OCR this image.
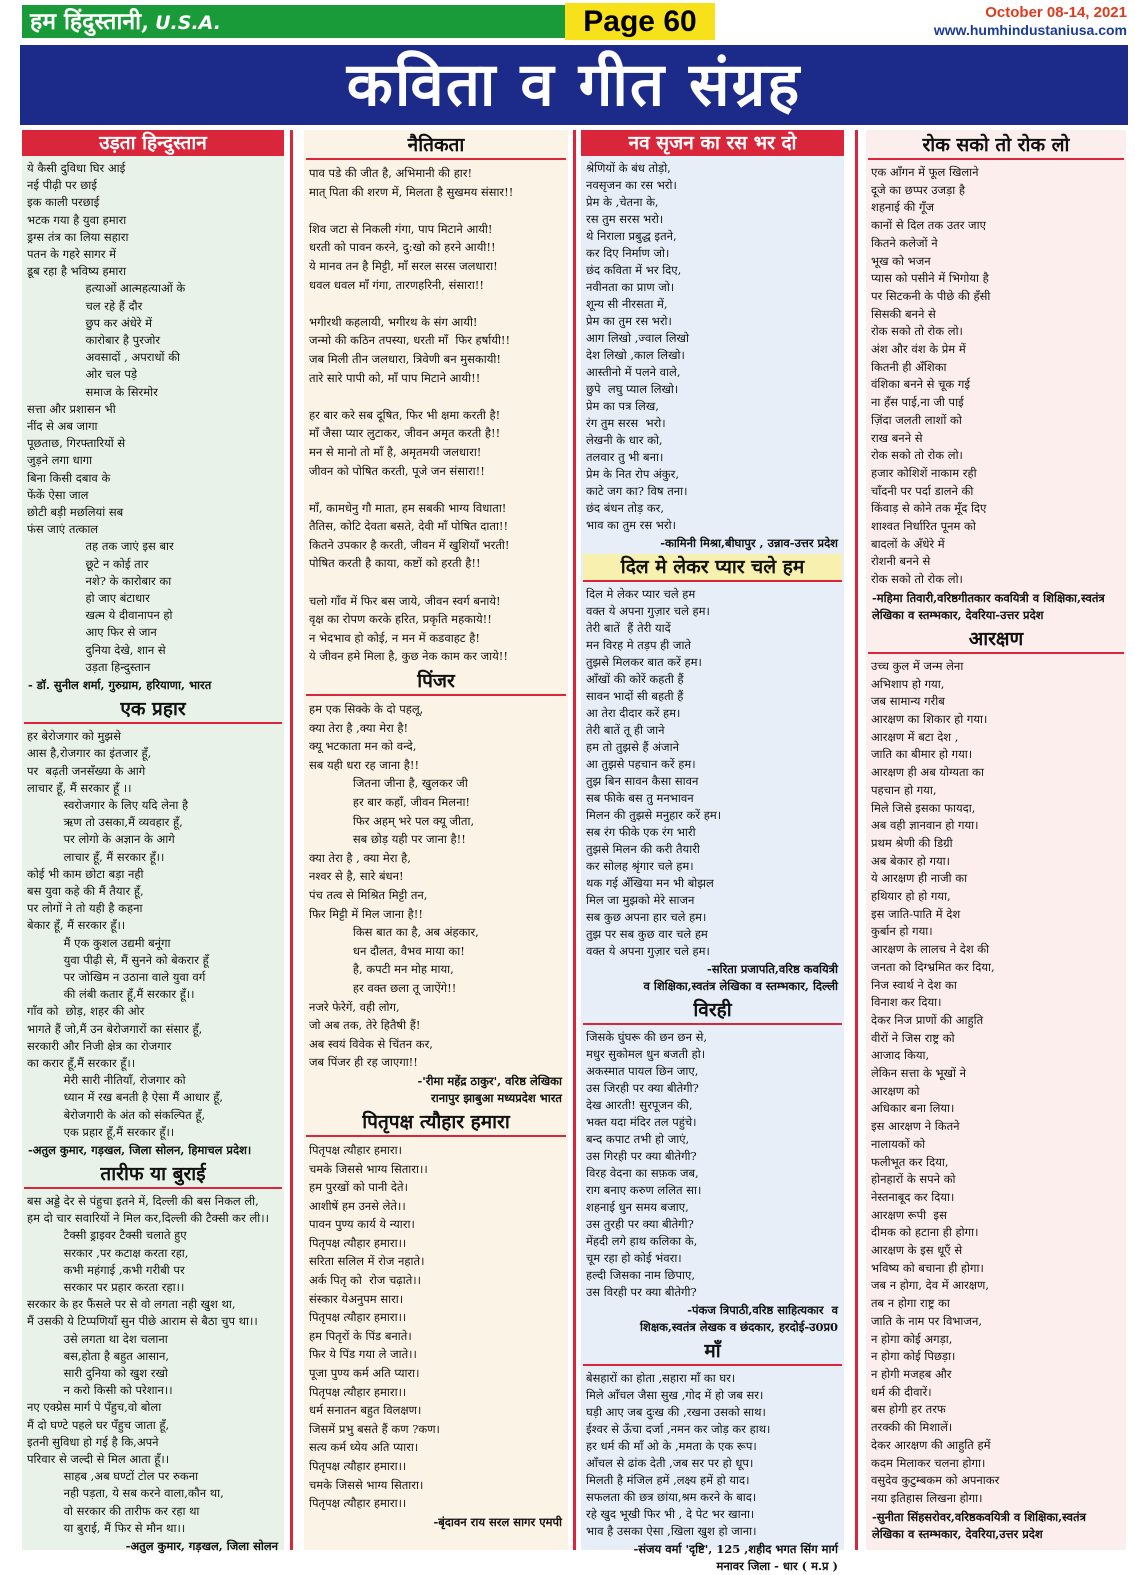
हम हिंदुस्तानी, U.S.A.	Page 60	October 08-14, 2021
www.humhindustaniusa.com
कविता व गीत संग्रह
उड़ता हिन्दुस्तान
ये कैसी दुविधा घिर आई
नई पीढ़ी पर छाई
इक काली परछाई
भटक गया है युवा हमारा
ड्रग्स तंत्र का लिया सहारा
पतन के गहरे सागर में
डूब रहा है भविष्य हमारा
हत्याओं आत्महत्याओं के
चल रहे हैं दौर
छुप कर अंधेरे में
कारोबार है पुरजोर
अवसादों , अपराधों की
ओर चल पड़े
समाज के सिरमोर
सत्ता और प्रशासन भी
नींद से अब जागा
पूछताछ, गिरफ्तारियों से
जुड़ने लगा धागा
बिना किसी दबाव के
फेंकें ऐसा जाल
छोटी बड़ी मछलियां सब
फंस जाएं तत्काल
तह तक जाएं इस बार
छूटे न कोई तार
नशे? के कारोबार का
हो जाए बंटाधार
खत्म ये दीवानापन हो
आए फिर से जान
दुनिया देखे, शान से
उड़ता हिन्दुस्तान
- डॉ. सुनील शर्मा, गुरुग्राम, हरियाणा, भारत
एक प्रहार
हर बेरोजगार को मुझसे
आस है,रोजगार का इंतजार हूँ,
पर  बढ़ती जनसँख्या के आगे
लाचार हूँ, मैं सरकार हूँ ।।
स्वरोजगार के लिए यदि लेना है
ऋण तो उसका,मैं व्यवहार हूँ,
पर लोगो के अज्ञान के आगे
लाचार हूँ, मैं सरकार हूँ।।
कोई भी काम छोटा बड़ा नही
बस युवा कहे की मैं तैयार हूँ,
पर लोगों ने तो यही है कहना
बेकार हूँ, मैं सरकार हूँ।।
मैं एक कुशल उद्यमी बनूंगा
युवा पीढ़ी से, मैं सुनने को बेकरार हूँ
पर जोखिम न उठाना वाले युवा वर्ग
की लंबी कतार हूँ,मैं सरकार हूँ।।
गाँव को  छोड़, शहर की ओर
भागते हैं जो,मैं उन बेरोजगारों का संसार हूँ,
सरकारी और निजी क्षेत्र का रोजगार
का करार हूँ,मैं सरकार हूँ।।
मेरी सारी नीतियाँ, रोजगार को
ध्यान में रख बनती है ऐसा मैं आधार हूँ,
बेरोजगारी के अंत को संकल्पित हूँ,
एक प्रहार हूँ,मैं सरकार हूँ।।
-अतुल कुमार, गड़खल, जिला सोलन, हिमाचल प्रदेश।
तारीफ या बुराई
बस अड्डे देर से पंहुचा इतने में, दिल्ली की बस निकल ली,
हम दो चार सवारियों ने मिल कर,दिल्ली की टैक्सी कर ली।।
टैक्सी ड्राइवर टैक्सी चलाते हुए
सरकार ,पर कटाक्ष करता रहा,
कभी महंगाई ,कभी गरीबी पर
सरकार पर प्रहार करता रहा।।
सरकार के हर फैंसले पर से वो लगता नही खुश था,
मैं उसकी ये टिप्पणियाँ सुन पीछे आराम से बैठा चुप था।।
उसे लगता था देश चलाना
बस,होता है बहुत आसान,
सारी दुनिया को खुश रखो
न करो किसी को परेशान।।
नए एक्प्रेस मार्ग पे पँहुच,वो बोला
मैं दो घण्टे पहले घर पँहुच जाता हूँ,
इतनी सुविधा हो गई है कि,अपने
परिवार से जल्दी से मिल आता हूँ।।
साहब ,अब घण्टों टोल पर रुकना
नही पड़ता, ये सब करने वाला,कौन था,
वो सरकार की तारीफ कर रहा था
या बुराई, मैं फिर से मौन था।।
-अतुल कुमार, गड़खल, जिला सोलन
नैतिकता
पाव पडे की जीत है, अभिमानी की हार!
मात् पिता की शरण में, मिलता है सुखमय संसार!!

शिव जटा से निकली गंगा, पाप मिटाने आयी!
धरती को पावन करने, दु:खो को हरने आयी!!
ये मानव तन है मिट्टी, माँ सरल सरस जलधारा!
धवल धवल माँ गंगा, तारणहरिनी, संसारा!!

भगीरथी कहलायी, भगीरथ के संग आयी!
जन्मो की कठिन तपस्या, धरती माँ  फिर हर्षायी!!
जब मिली तीन जलधारा, त्रिवेणी बन मुसकायी!
तारे सारे पापी को, माँ पाप मिटाने आयी!!

हर बार करे सब दूषित, फिर भी क्षमा करती है!
माँ जैसा प्यार लुटाकर, जीवन अमृत करती है!!
मन से मानो तो माँ है, अमृतमयी जलधारा!
जीवन को पोषित करती, पूजे जन संसारा!!

माँ, कामधेनु गौ माता, हम सबकी भाग्य विधाता!
तैतिस, कोटि देवता बसते, देवी माँ पोषित दाता!!
कितने उपकार है करती, जीवन में खुशियाँ भरती!
पोषित करती है काया, कष्टों को हरती है!!

चलो गाँव में फिर बस जाये, जीवन स्वर्ग बनाये!
वृक्ष का रोपण करके हरित, प्रकृति महकाये!!
न भेदभाव हो कोई, न मन में कडवाहट है!
ये जीवन हमे मिला है, कुछ नेक काम कर जाये!!
पिंजर
हम एक सिक्के के दो पहलू,
क्या तेरा है ,क्या मेरा है!
क्यू भटकाता मन को वन्दे,
सब यही धरा रह जाना है!!
जितना जीना है, खुलकर जी
हर बार कहाँ, जीवन मिलना!
फिर अहम् भरे पल क्यू जीता,
सब छोड़ यही पर जाना है!!
क्या तेरा है , क्या मेरा है,
नश्वर से है, सारे बंधन!
पंच तत्व से मिश्रित मिट्टी तन,
फिर मिट्टी में मिल जाना है!!
किस बात का है, अब अंहकार,
धन दौलत, वैभव माया का!
है, कपटी मन मोह माया,
हर वक्त छला तू जाऐंगे!!
नजरे फेरेगें, वही लोग,
जो अब तक, तेरे हितैषी हैं!
अब स्वयं विवेक से चिंतन कर,
जब पिंजर ही रह जाएगा!!
-'रीमा महेंद्र ठाकुर', वरिष्ठ लेखिका
रानापुर झाबुआ मध्यप्रदेश भारत
पितृपक्ष त्यौहार हमारा
पितृपक्ष त्यौहार हमारा।
चमके जिससे भाग्य सितारा।।
हम पुरखों को पानी देते।
आशीषें हम उनसे लेते।।
पावन पुण्य कार्य ये न्यारा।
पितृपक्ष त्यौहार हमारा।।
सरिता सलिल में रोज नहाते।
अर्क पितृ को  रोज चढ़ाते।।
संस्कार येअनुपम सारा।
पितृपक्ष त्यौहार हमारा।।
हम पितृरों के पिंड बनाते।
फिर ये पिंड गया ले जाते।।
पूजा पुण्य कर्म अति प्यारा।
पितृपक्ष त्यौहार हमारा।।
धर्म सनातन बहुत विलक्षण।
जिसमें प्रभु बसते हैं कण ?कण।
सत्य कर्म ध्येय अति प्यारा।
पितृपक्ष त्यौहार हमारा।।
चमके जिससे भाग्य सितारा।
पितृपक्ष त्यौहार हमारा।।
-बृंदावन राय सरल सागर एमपी
नव सृजन का रस भर दो
श्रेणियों के बंध तोड़ो,
नवसृजन का रस भरो।
प्रेम के ,चेतना के,
रस तुम सरस भरो।
थे निराला प्रबुद्ध इतने,
कर दिए निर्माण जो।
छंद कविता में भर दिए,
नवीनता का प्राण जो।
शून्य सी नीरसता में,
प्रेम का तुम रस भरो।
आग लिखो ,ज्वाल लिखो
देश लिखो ,काल लिखो।
आस्तीनो में पलने वाले,
छुपे  लघु प्याल लिखो।
प्रेम का पत्र लिख,
रंग तुम सरस  भरो।
लेखनी के धार को,
तलवार तु भी बना।
प्रेम के नित रोप अंकुर,
काटे जग का? विष तना।
छंद बंधन तोड़ कर,
भाव का तुम रस भरो।
-कामिनी मिश्रा,बीघापुर , उन्नाव-उत्तर प्रदेश
दिल मे लेकर प्यार चले हम
दिल मे लेकर प्यार चले हम
वक्त ये अपना गुज़ार चले हम।
तेरी बातें  हैं तेरी यादें
मन विरह मे तड़प ही जाते
तुझसे मिलकर बात करें हम।
आँखों की कोरें कहती हैं
सावन भादों सी बहती हैं
आ तेरा दीदार करें हम।
तेरी बातें तू ही जाने
हम तो तुझसे हैं अंजाने
आ तुझसे पहचान करें हम।
तुझ बिन सावन कैसा सावन
सब फीके बस तु मनभावन
मिलन की तुझसे मनुहार करें हम।
सब रंग फीके एक रंग भारी
तुझसे मिलन की करी तैयारी
कर सोलह श्रृंगार चले हम।
थक गई अँखिया मन भी बोझल
मिल जा मुझको मेरे साजन
सब कुछ अपना हार चले हम।
तुझ पर सब कुछ वार चले हम
वक्त ये अपना गुज़ार चले हम।
-सरिता प्रजापति,वरिष्ठ कवयित्री
व शिक्षिका,स्वतंत्र लेखिका व स्तम्भकार, दिल्ली
विरही
जिसके घुंघरू की छन छन से,
मधुर सुकोमल धुन बजती हो।
अकस्मात पायल छिन जाए,
उस जिरही पर क्या बीतेगी?
देख आरती! सुरपूजन की,
भक्त यदा मंदिर तल पहुंचे।
बन्द कपाट तभी हो जाएं,
उस गिरही पर क्या बीतेगी?
विरह वेदना का सफ़क जब,
राग बनाए करुण ललित सा।
शहनाई धुन समय बजाए,
उस तुरही पर क्या बीतेगी?
मेंहदी लगे हाथ कलिका के,
चूम रहा हो कोई भंवरा।
हल्दी जिसका नाम छिपाए,
उस विरही पर क्या बीतेगी?
-पंकज त्रिपाठी,वरिष्ठ साहित्यकार  व
शिक्षक,स्वतंत्र लेखक व छंदकार, हरदोई-उ0प्र0
माँ
बेसहारों का होता ,सहारा माँ का घर।
मिले आँचल जैसा सुख ,गोद में हो जब सर।
घड़ी आए जब दुःख की ,रखना उसको साथ।
ईश्वर से ऊँचा दर्जा ,नमन कर जोड़ कर हाथ।
हर धर्म की माँ ओ के ,ममता के एक रूप।
आँचल से ढांक देती ,जब सर पर हो धूप।
मिलती है मंजिल हमें ,लक्ष्य हमें हो याद।
सफलता की छत्र छांया,श्रम करने के बाद।
रहे खुद भूखी फिर भी , दे पेट भर खाना।
भाव है उसका ऐसा ,खिला खुश हो जाना।
-संजय वर्मा 'दृष्टि', 125 ,शहीद भगत सिंग मार्ग
मनावर जिला - धार ( म.प्र )
रोक सको तो रोक लो
एक आँगन में फूल खिलाने
दूजे का छप्पर उजड़ा है
शहनाई की गूँज
कानों से दिल तक उतर जाए
कितने कलेजों ने
भूख को भजन
प्यास को पसीने में भिगोया है
पर सिटकनी के पीछे की हँसी
सिसकी बनने से
रोक सको तो रोक लो।
अंश और वंश के प्रेम में
कितनी ही अँशिका
वंशिका बनने से चूक गई
ना हँस पाई,ना जी पाई
ज़िंदा जलती लाशों को
राख बनने से
रोक सको तो रोक लो।
हजार कोशिशें नाकाम रही
चाँदनी पर पर्दा डालने की
किंवाड़ से कोने तक मूँद दिए
शाश्वत निर्धारित पूनम को
बादलों के अँधेरे में
रोशनी बनने से
रोक सको तो रोक लो।
-महिमा तिवारी,वरिष्ठगीतकार कवयित्री व शिक्षिका,स्वतंत्र
लेखिका व स्तम्भकार, देवरिया-उत्तर प्रदेश
आरक्षण
उच्च कुल में जन्म लेना
अभिशाप हो गया,
जब सामान्य गरीब
आरक्षण का शिकार हो गया।
आरक्षण में बटा देश ,
जाति का बीमार हो गया।
आरक्षण ही अब योग्यता का
पहचान हो गया,
मिले जिसे इसका फायदा,
अब वही ज्ञानवान हो गया।
प्रथम श्रेणी की डिग्री
अब बेकार हो गया।
ये आरक्षण ही नाजी का
हथियार हो हो गया,
इस जाति-पाति में देश
कुर्बान हो गया।
आरक्षण के लालच ने देश की
जनता को दिग्भ्रमित कर दिया,
निज स्वार्थ ने देश का
विनाश कर दिया।
देकर निज प्राणों की आहुति
वीरों ने जिस राष्ट्र को
आजाद किया,
लेकिन सत्ता के भूखों ने
आरक्षण को
अधिकार बना लिया।
इस आरक्षण ने कितने
नालायकों को
फलीभूत कर दिया,
होनहारों के सपने को
नेस्तनाबूद कर दिया।
आरक्षण रूपी  इस
दीमक को हटाना ही होगा।
आरक्षण के इस धूएँ से
भविष्य को बचाना ही होगा।
जब न होगा, देव में आरक्षण,
तब न होगा राष्ट्र का
जाति के नाम पर विभाजन,
न होगा कोई अगड़ा,
न होगा कोई पिछड़ा।
न होगी मजहब और
धर्म की दीवारें।
बस होगी हर तरफ
तरक्की की मिशालें।
देकर आरक्षण की आहुति हमें
कदम मिलाकर चलना होगा।
वसुदेव कुटुम्बकम को अपनाकर
नया इतिहास लिखना होगा।
-सुनीता सिंहसरोवर,वरिष्ठकवयित्री व शिक्षिका,स्वतंत्र
लेखिका व स्तम्भकार, देवरिया,उत्तर प्रदेश
